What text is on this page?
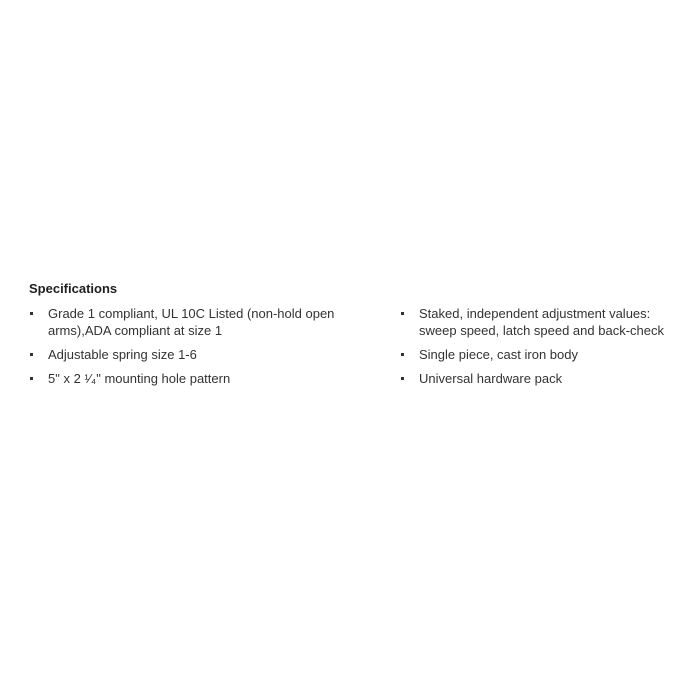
Specifications
Grade 1 compliant, UL 10C Listed (non-hold open arms),ADA compliant at size 1
Adjustable spring size 1-6
5" x 2 ¹⁄₄" mounting hole pattern
Staked, independent adjustment values: sweep speed, latch speed and back-check
Single piece, cast iron body
Universal hardware pack
